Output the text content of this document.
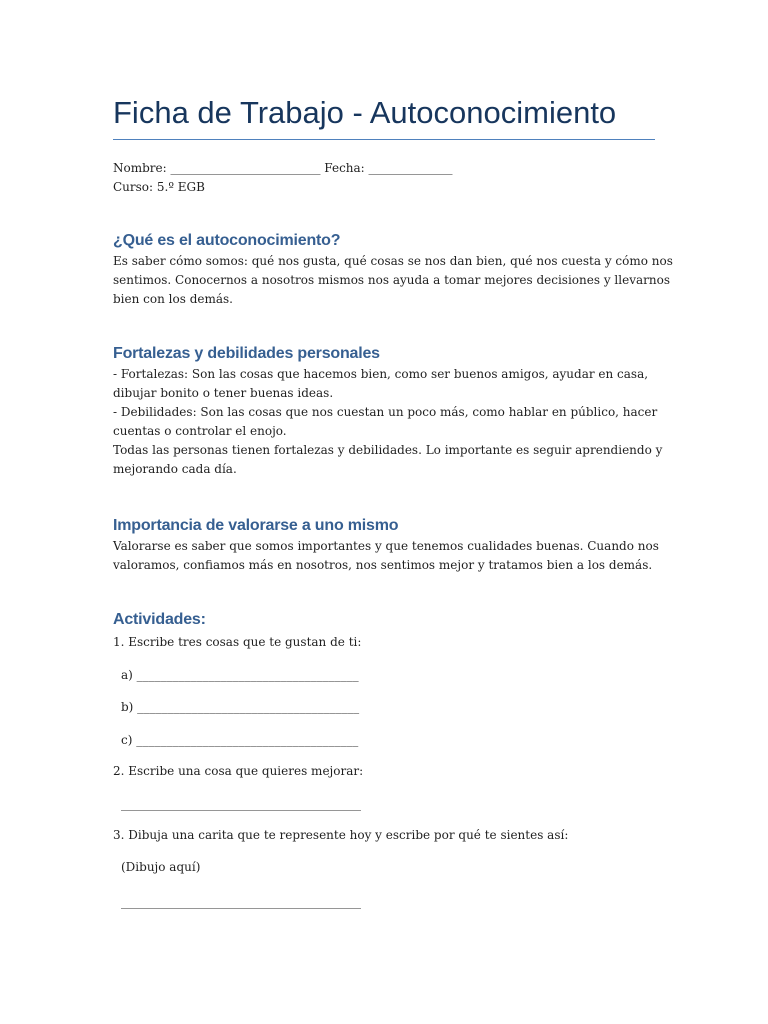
Ficha de Trabajo - Autoconocimiento
Nombre: _________________________ Fecha: ______________
Curso: 5.º EGB
¿Qué es el autoconocimiento?
Es saber cómo somos: qué nos gusta, qué cosas se nos dan bien, qué nos cuesta y cómo nos
sentimos. Conocernos a nosotros mismos nos ayuda a tomar mejores decisiones y llevarnos
bien con los demás.
Fortalezas y debilidades personales
- Fortalezas: Son las cosas que hacemos bien, como ser buenos amigos, ayudar en casa,
dibujar bonito o tener buenas ideas.
- Debilidades: Son las cosas que nos cuestan un poco más, como hablar en público, hacer
cuentas o controlar el enojo.
Todas las personas tienen fortalezas y debilidades. Lo importante es seguir aprendiendo y
mejorando cada día.
Importancia de valorarse a uno mismo
Valorarse es saber que somos importantes y que tenemos cualidades buenas. Cuando nos
valoramos, confiamos más en nosotros, nos sentimos mejor y tratamos bien a los demás.
Actividades:
1. Escribe tres cosas que te gustan de ti:
a) _____________________________________
b) _____________________________________
c) _____________________________________
2. Escribe una cosa que quieres mejorar:
________________________________________
3. Dibuja una carita que te represente hoy y escribe por qué te sientes así:
(Dibujo aquí)
________________________________________
